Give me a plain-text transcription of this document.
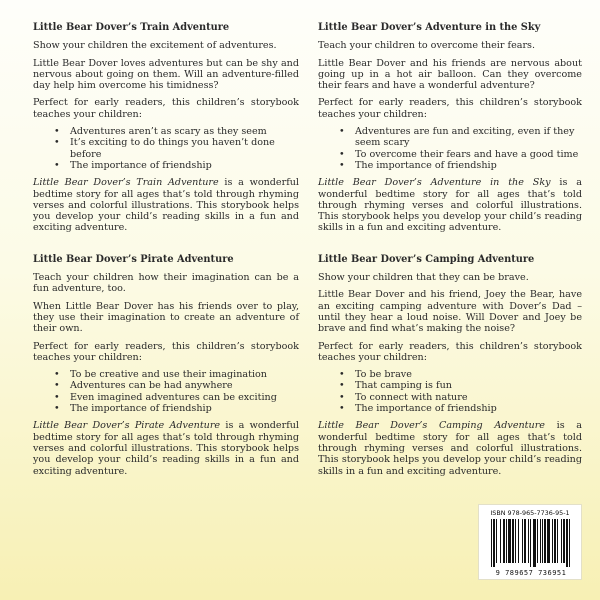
Little Bear Dover’s Train Adventure

Show your children the excitement of adventures.

Little Bear Dover loves adventures but can be shy and nervous about going on them. Will an adventure-filled day help him overcome his timidness?

Perfect for early readers, this children’s storybook teaches your children:

• Adventures aren’t as scary as they seem
• It’s exciting to do things you haven’t done before
• The importance of friendship

Little Bear Dover’s Train Adventure is a wonderful bedtime story for all ages that’s told through rhyming verses and colorful illustrations. This storybook helps you develop your child’s reading skills in a fun and exciting adventure.

Little Bear Dover’s Pirate Adventure

Teach your children how their imagination can be a fun adventure, too.

When Little Bear Dover has his friends over to play, they use their imagination to create an adventure of their own.

Perfect for early readers, this children’s storybook teaches your children:

• To be creative and use their imagination
• Adventures can be had anywhere
• Even imagined adventures can be exciting
• The importance of friendship

Little Bear Dover’s Pirate Adventure is a wonderful bedtime story for all ages that’s told through rhyming verses and colorful illustrations. This storybook helps you develop your child’s reading skills in a fun and exciting adventure.

Little Bear Dover’s Adventure in the Sky

Teach your children to overcome their fears.

Little Bear Dover and his friends are nervous about going up in a hot air balloon. Can they overcome their fears and have a wonderful adventure?

Perfect for early readers, this children’s storybook teaches your children:

• Adventures are fun and exciting, even if they seem scary
• To overcome their fears and have a good time
• The importance of friendship

Little Bear Dover’s Adventure in the Sky is a wonderful bedtime story for all ages that’s told through rhyming verses and colorful illustrations. This storybook helps you develop your child’s reading skills in a fun and exciting adventure.

Little Bear Dover’s Camping Adventure

Show your children that they can be brave.

Little Bear Dover and his friend, Joey the Bear, have an exciting camping adventure with Dover’s Dad – until they hear a loud noise. Will Dover and Joey be brave and find what’s making the noise?

Perfect for early readers, this children’s storybook teaches your children:

• To be brave
• That camping is fun
• To connect with nature
• The importance of friendship

Little Bear Dover’s Camping Adventure is a wonderful bedtime story for all ages that’s told through rhyming verses and colorful illustrations. This storybook helps you develop your child’s reading skills in a fun and exciting adventure.

ISBN 978-965-7736-95-1
9 789657 736951
